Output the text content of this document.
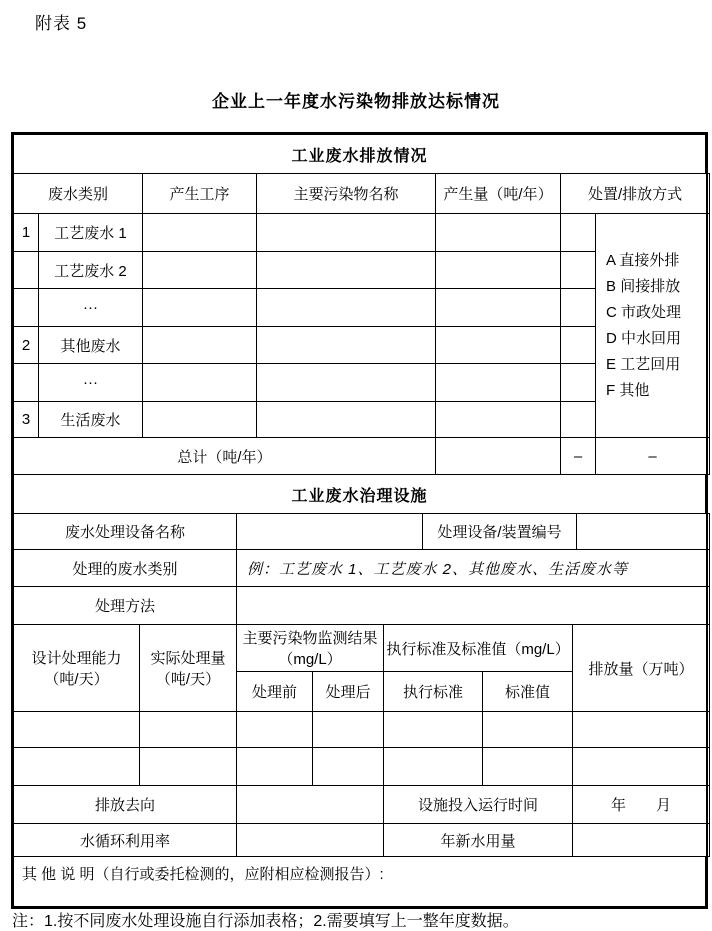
附表 5
企业上一年度水污染物排放达标情况
工业废水排放情况
废水类别		产生工序	主要污染物名称	产生量（吨/年）	处置/排放方式	
1	工艺废水 1					
A 直接外排
B 间接排放
C 市政处理
D 中水回用
E 工艺回用
F 其他

	工艺废水 2					
	···					
2	其他废水					
	···					
3	生活废水					
总计（吨/年）					–	–
工业废水治理设施
废水处理设备名称		处理设备/装置编号	
处理的废水类别	例：工艺废水 1、工艺废水 2、其他废水、生活废水等
处理方法	
设计处理能力（吨/天）	实际处理量（吨/天）	主要污染物监测结果（mg/L）		执行标准及标准值（mg/L）		排放量（万吨）
		处理前	处理后	执行标准	标准值	

排放去向		设施投入运行时间	年　　月
水循环利用率		年新水用量	
其 他 说 明（自行或委托检测的，应附相应检测报告）:
注：1.按不同废水处理设施自行添加表格；2.需要填写上一整年度数据。
